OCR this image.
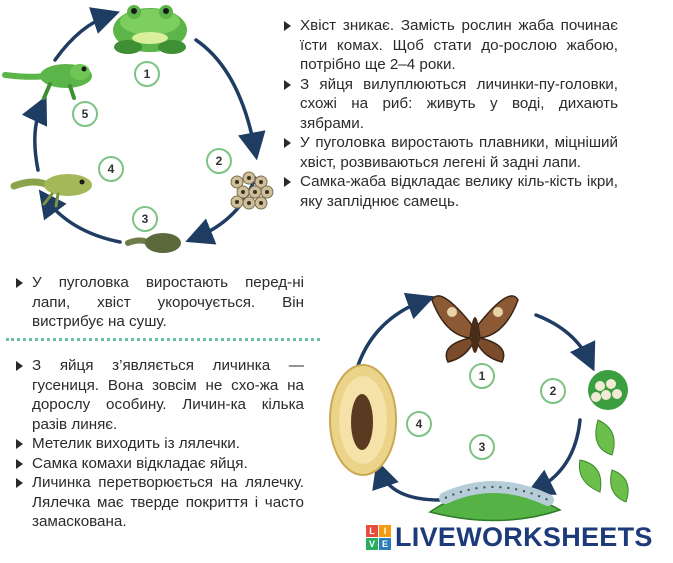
1
2
3
4
5
1
2
3
4
Хвіст зникає. Замість рослин жаба починає їсти комах. Щоб стати до-рослою жабою, потрібно ще 2–4 роки.
З яйця вилуплюються личинки-пу-головки, схожі на риб: живуть у воді, дихають зябрами.
У пуголовка виростають плавники, міцніший хвіст, розвиваються легені й задні лапи.
Самка-жаба відкладає велику кіль-кість ікри, яку запліднює самець.
У пуголовка виростають перед-ні лапи, хвіст укорочується. Він вистрибує на сушу.
З яйця з’являється личинка — гусениця. Вона зовсім не схо-жа на дорослу особину. Личин-ка кілька разів линяє.
Метелик виходить із лялечки.
Самка комахи відкладає яйця.
Личинка перетворюється на лялечку. Лялечка має тверде покриття і часто замаскована.
L I
V E LIVEWORKSHEETS
